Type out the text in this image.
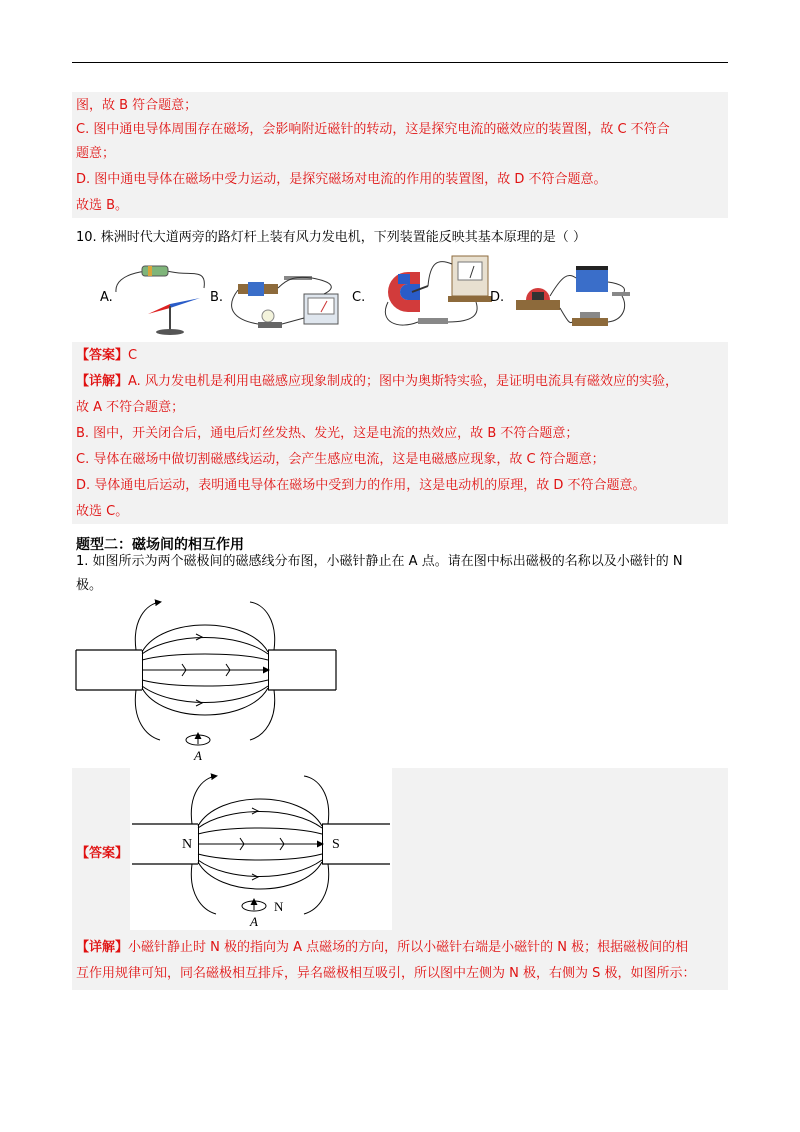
图，故 B 符合题意；
C. 图中通电导体周围存在磁场，会影响附近磁针的转动，这是探究电流的磁效应的装置图，故 C 不符合
题意；
D. 图中通电导体在磁场中受力运动，是探究磁场对电流的作用的装置图，故 D 不符合题意。
故选 B。
10. 株洲时代大道两旁的路灯杆上装有风力发电机，下列装置能反映其基本原理的是（ ）
A.	B.	C.	D.
【答案】C
【详解】A. 风力发电机是利用电磁感应现象制成的；图中为奥斯特实验，是证明电流具有磁效应的实验，
故 A 不符合题意；
B. 图中，开关闭合后，通电后灯丝发热、发光，这是电流的热效应，故 B 不符合题意；
C. 导体在磁场中做切割磁感线运动，会产生感应电流，这是电磁感应现象，故 C 符合题意；
D. 导体通电后运动，表明通电导体在磁场中受到力的作用，这是电动机的原理，故 D 不符合题意。
故选 C。
题型二：磁场间的相互作用
1. 如图所示为两个磁极间的磁感线分布图，小磁针静止在 A 点。请在图中标出磁极的名称以及小磁针的 N
极。
A
【答案】
N	S
N
A
【详解】小磁针静止时 N 极的指向为 A 点磁场的方向，所以小磁针右端是小磁针的 N 极；根据磁极间的相
互作用规律可知，同名磁极相互排斥，异名磁极相互吸引，所以图中左侧为 N 极，右侧为 S 极，如图所示：
